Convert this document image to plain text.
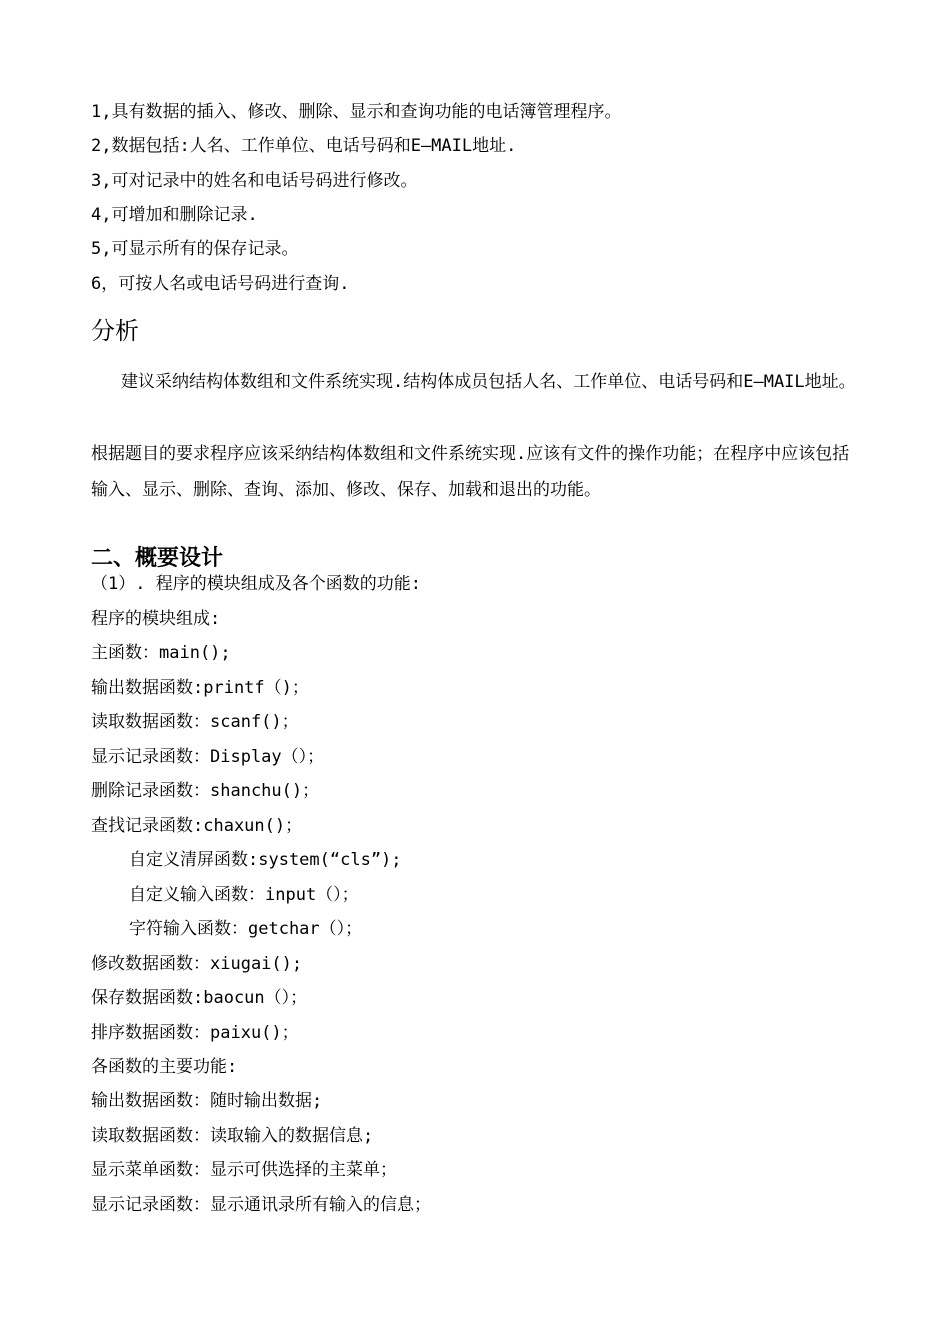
1,具有数据的插入、修改、删除、显示和查询功能的电话簿管理程序。
2,数据包括:人名、工作单位、电话号码和E—MAIL地址.
3,可对记录中的姓名和电话号码进行修改。
4,可增加和删除记录.
5,可显示所有的保存记录。
6，可按人名或电话号码进行查询.
分析
建议采纳结构体数组和文件系统实现.结构体成员包括人名、工作单位、电话号码和E—MAIL地址。
根据题目的要求程序应该采纳结构体数组和文件系统实现.应该有文件的操作功能；在程序中应该包括输入、显示、删除、查询、添加、修改、保存、加载和退出的功能。
二、概要设计
（1）. 程序的模块组成及各个函数的功能:
程序的模块组成:
主函数：main();
输出数据函数:printf（)；
读取数据函数：scanf()；
显示记录函数：Display（）；
删除记录函数：shanchu()；
查找记录函数:chaxun()；
自定义清屏函数:system(“cls”);
自定义输入函数：input（）；
字符输入函数：getchar（）；
修改数据函数：xiugai();
保存数据函数:baocun（）；
排序数据函数：paixu()；
各函数的主要功能:
输出数据函数：随时输出数据;
读取数据函数：读取输入的数据信息;
显示菜单函数：显示可供选择的主菜单；
显示记录函数：显示通讯录所有输入的信息；
